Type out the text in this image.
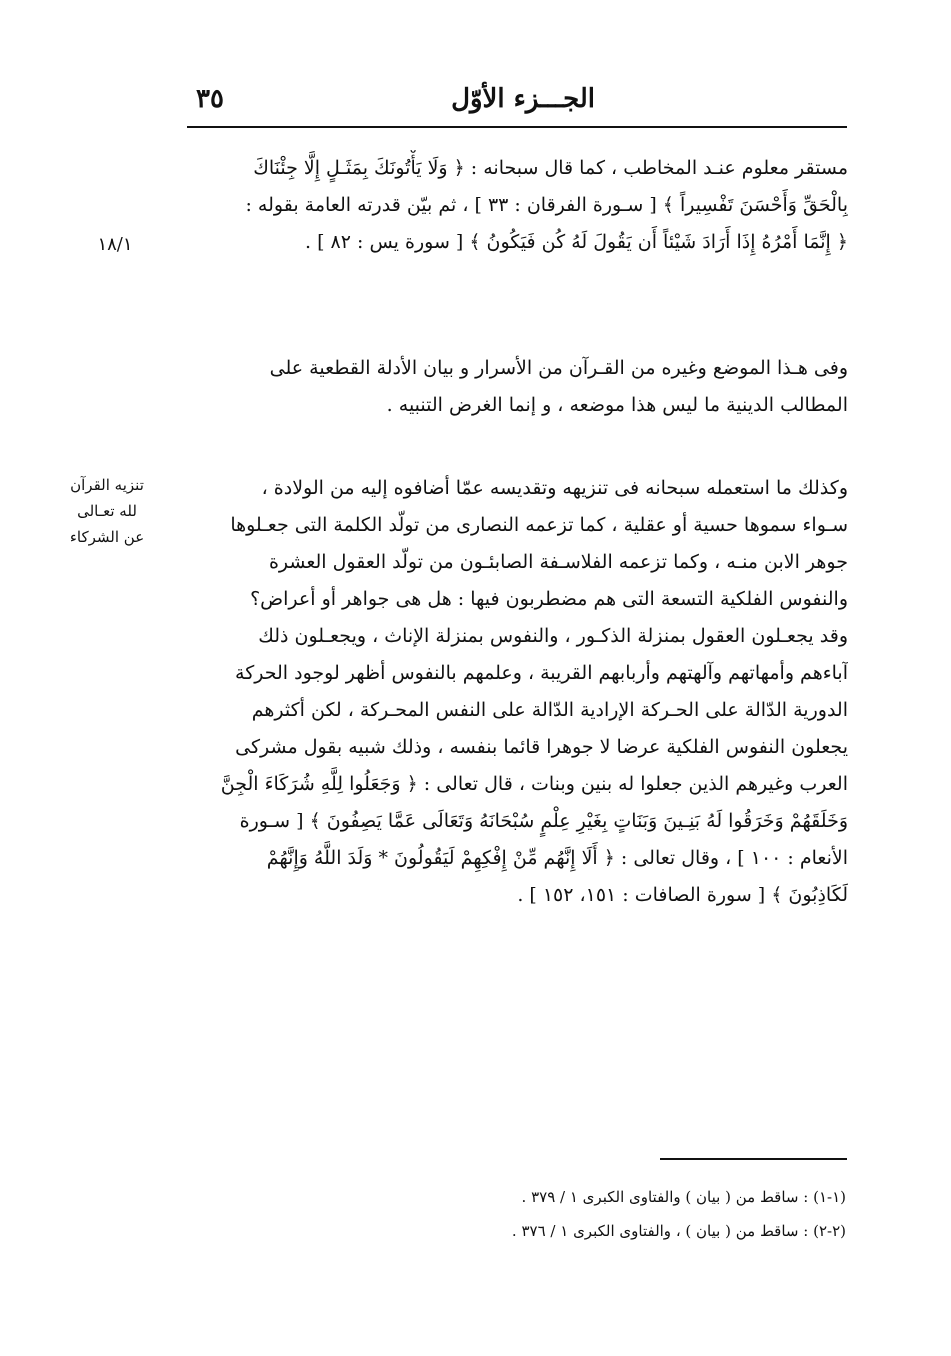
٣٥	الجـــزء الأوّل
١٨/١
تنزيه القرآن
لله تعـالى
عن الشركاء
مستقر معلوم عنـد المخاطب ، كما قال سبحانه : ﴿ وَلَا يَأْتُونَكَ بِمَثَـلٍ إِلَّا جِئْنَاكَ
بِالْحَقِّ وَأَحْسَنَ تَفْسِيراً ﴾ [ سـورة الفرقان : ٣٣ ] ، ثم بيّن قدرته العامة بقوله :
﴿ إِنَّمَا أَمْرُهُ إِذَا أَرَادَ شَيْئاً أَن يَقُولَ لَهُ كُن فَيَكُونُ ﴾ [ سورة يس : ٨٢ ] .
وفى هـذا الموضع وغيره من القـرآن من الأسرار و بيان الأدلة القطعية على
المطالب الدينية ما ليس هذا موضعه ، و إنما الغرض التنبيه .
وكذلك ما استعمله سبحانه فى تنزيهه وتقديسه عمّا أضافوه إليه من الولادة ،
سـواء سموها حسية أو عقلية ، كما تزعمه النصارى من تولّد الكلمة التى جعـلوها
جوهر الابن منـه ، وكما تزعمه الفلاسـفة الصابئـون من تولّد العقول العشرة
والنفوس الفلكية التسعة التى هم مضطربون فيها : هل هى جواهر أو أعراض؟
وقد يجعـلون العقول بمنزلة الذكـور ، والنفوس بمنزلة الإناث ، ويجعـلون ذلك
آباءهم وأمهاتهم وآلهتهم وأربابهم القريبة ، وعلمهم بالنفوس أظهر لوجود الحركة
الدورية الدّالة على الحـركة الإرادية الدّالة على النفس المحـركة ، لكن أكثرهم
يجعلون النفوس الفلكية عرضا لا جوهرا قائما بنفسه ، وذلك شبيه بقول مشركى
العرب وغيرهم الذين جعلوا له بنين وبنات ، قال تعالى : ﴿ وَجَعَلُوا لِلَّهِ شُرَكَاءَ الْجِنَّ
وَخَلَقَهُمْ وَخَرَقُوا لَهُ بَنِـينَ وَبَنَاتٍ بِغَيْرِ عِلْمٍ سُبْحَانَهُ وَتَعَالَى عَمَّا يَصِفُونَ ﴾ [ سـورة
الأنعام : ١٠٠ ] ، وقال تعالى : ﴿ أَلَا إِنَّهُم مِّنْ إِفْكِهِمْ لَيَقُولُونَ * وَلَدَ اللَّهُ وَإِنَّهُمْ
لَكَاذِبُونَ ﴾ [ سورة الصافات : ١٥١، ١٥٢ ] .
(١-١) : ساقط من ( بيان ) والفتاوى الكبرى ١ / ٣٧٩ .
(٢-٢) : ساقط من ( بيان ) ، والفتاوى الكبرى ١ / ٣٧٦ .
